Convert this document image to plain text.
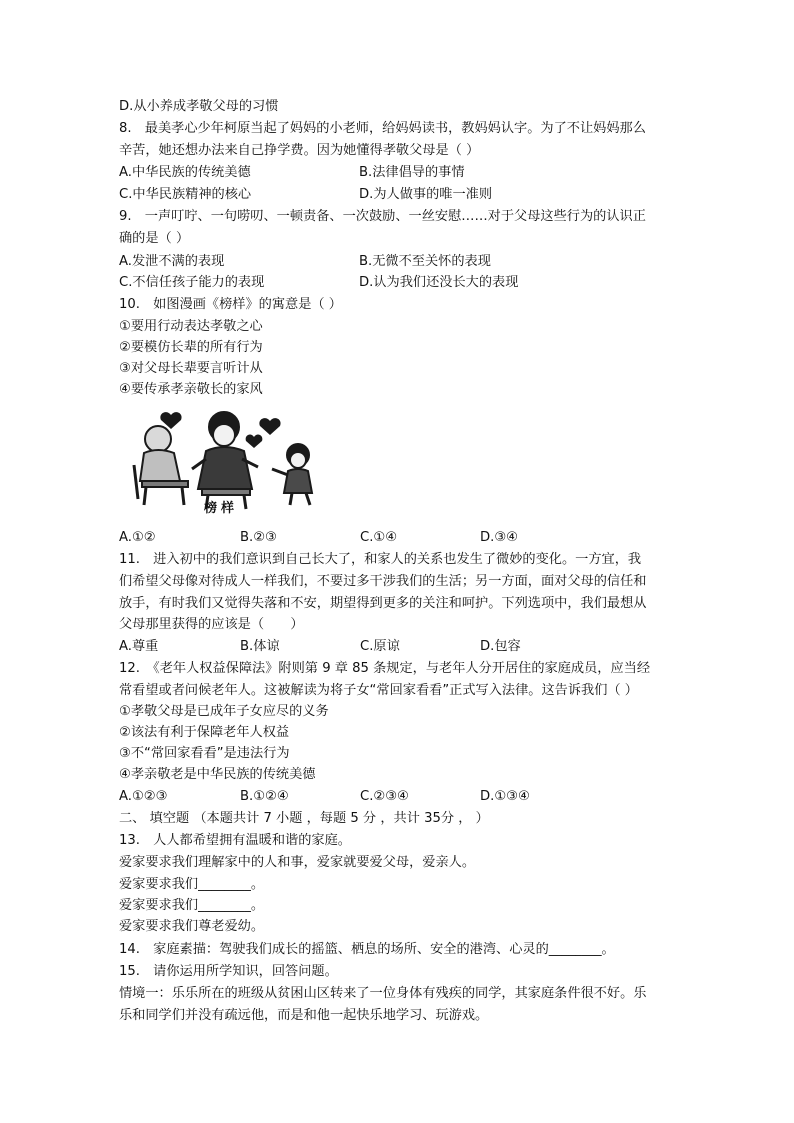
D.从小养成孝敬父母的习惯
8.　最美孝心少年柯原当起了妈妈的小老师，给妈妈读书，教妈妈认字。为了不让妈妈那么
辛苦，她还想办法来自己挣学费。因为她懂得孝敬父母是（ ）
A.中华民族的传统美德	B.法律倡导的事情
C.中华民族精神的核心	D.为人做事的唯一准则
9.　一声叮咛、一句唠叨、一顿责备、一次鼓励、一丝安慰……对于父母这些行为的认识正
确的是（ ）
A.发泄不满的表现	B.无微不至关怀的表现
C.不信任孩子能力的表现	D.认为我们还没长大的表现
10.　如图漫画《榜样》的寓意是（ ）
①要用行动表达孝敬之心
②要模仿长辈的所有行为
③对父母长辈要言听计从
④要传承孝亲敬长的家风
榜样
A.①②	B.②③	C.①④	D.③④
11.　进入初中的我们意识到自己长大了，和家人的关系也发生了微妙的变化。一方宜，我
们希望父母像对待成人一样我们，不要过多干涉我们的生活；另一方面，面对父母的信任和
放手，有时我们又觉得失落和不安，期望得到更多的关注和呵护。下列选项中，我们最想从
父母那里获得的应该是（　　）
A.尊重	B.体谅	C.原谅	D.包容
12.　《老年人权益保障法》附则第 9 章 85 条规定，与老年人分开居住的家庭成员，应当经
常看望或者问候老年人。这被解读为将子女“常回家看看”正式写入法律。这告诉我们（ ）
①孝敬父母是已成年子女应尽的义务
②该法有利于保障老年人权益
③不“常回家看看”是违法行为
④孝亲敬老是中华民族的传统美德
A.①②③	B.①②④	C.②③④	D.①③④
二、 填空题 （本题共计 7 小题 ，每题 5 分 ，共计 35分 ， ）
13.　人人都希望拥有温暖和谐的家庭。
爱家要求我们理解家中的人和事，爱家就要爱父母，爱亲人。
爱家要求我们________。
爱家要求我们________。
爱家要求我们尊老爱幼。
14.　家庭素描：驾驶我们成长的摇篮、栖息的场所、安全的港湾、心灵的________。
15.　请你运用所学知识，回答问题。
情境一：乐乐所在的班级从贫困山区转来了一位身体有残疾的同学，其家庭条件很不好。乐
乐和同学们并没有疏远他，而是和他一起快乐地学习、玩游戏。
